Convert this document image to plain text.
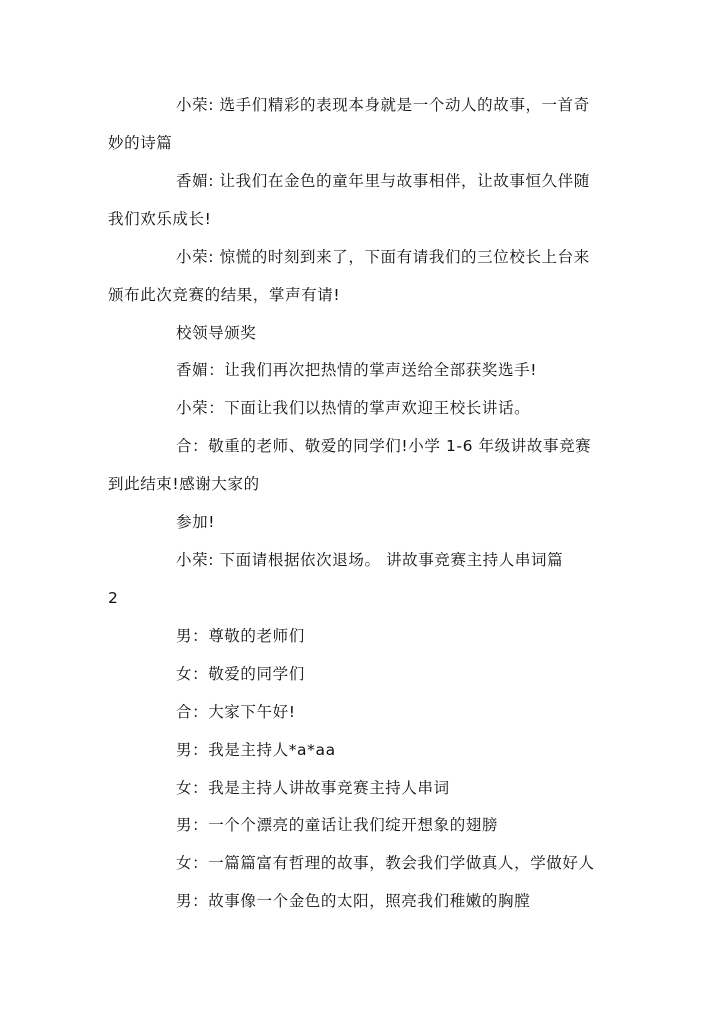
小荣: 选手们精彩的表现本身就是一个动人的故事，一首奇
妙的诗篇
香媚: 让我们在金色的童年里与故事相伴，让故事恒久伴随
我们欢乐成长!
小荣: 惊慌的时刻到来了，下面有请我们的三位校长上台来
颁布此次竞赛的结果，掌声有请!
校领导颁奖
香媚：让我们再次把热情的掌声送给全部获奖选手!
小荣：下面让我们以热情的掌声欢迎王校长讲话。
合：敬重的老师、敬爱的同学们!小学 1-6 年级讲故事竞赛
到此结束!感谢大家的
参加!
小荣: 下面请根据依次退场。 讲故事竞赛主持人串词篇
2
男：尊敬的老师们
女：敬爱的同学们
合：大家下午好!
男：我是主持人*a*aa
女：我是主持人讲故事竞赛主持人串词
男：一个个漂亮的童话让我们绽开想象的翅膀
女：一篇篇富有哲理的故事，教会我们学做真人，学做好人
男：故事像一个金色的太阳，照亮我们稚嫩的胸膛
